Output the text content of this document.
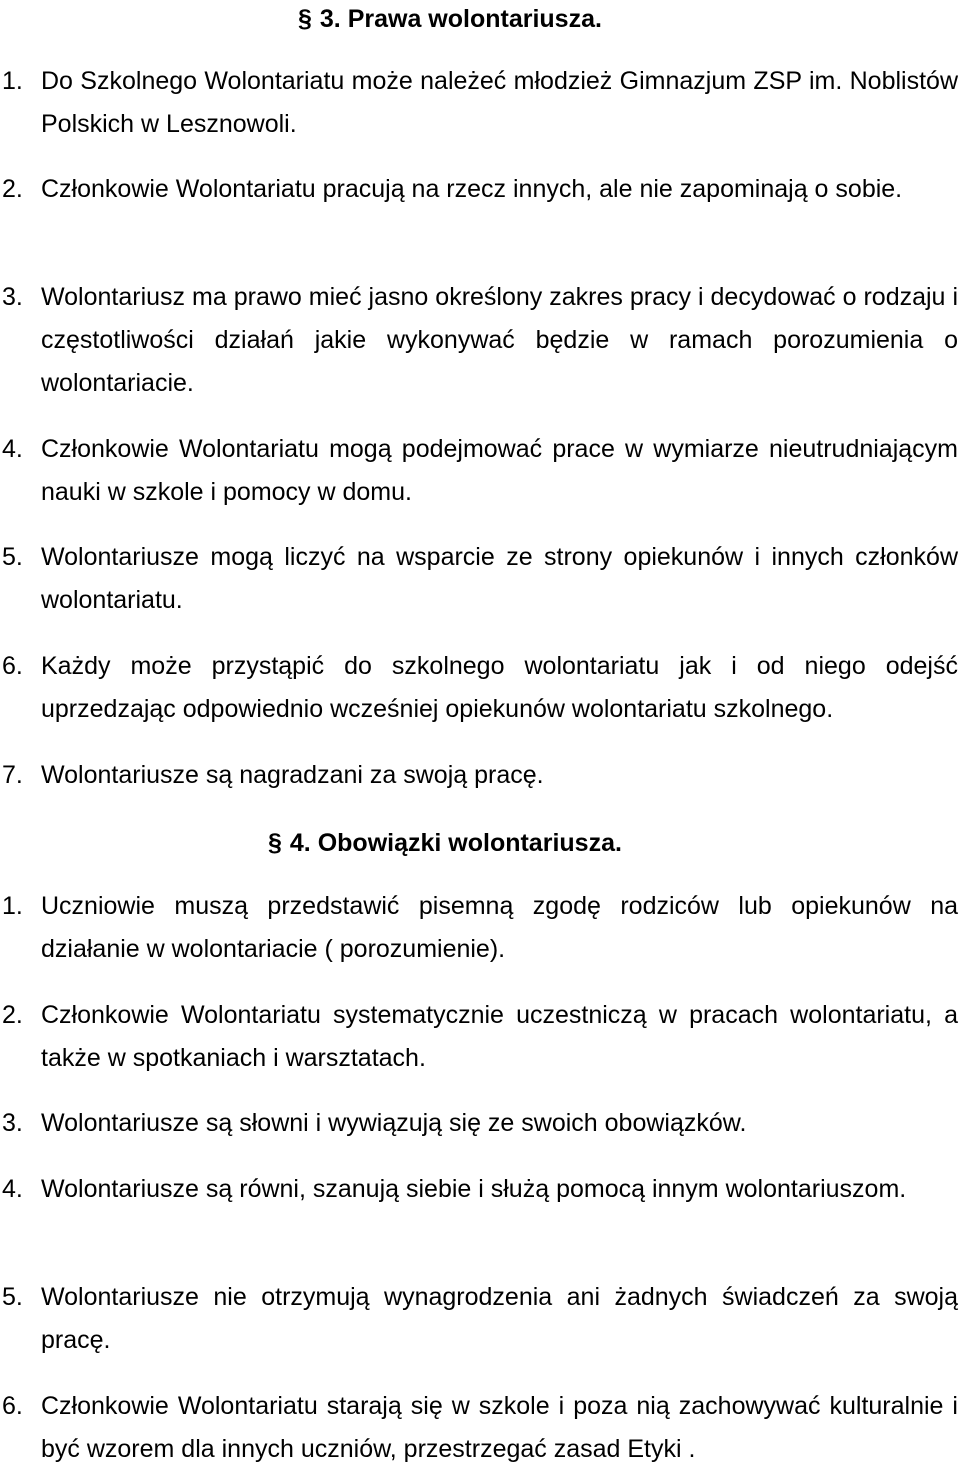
§ 3. Prawa wolontariusza.
1. Do Szkolnego Wolontariatu może należeć młodzież Gimnazjum ZSP im. Noblistów Polskich w Lesznowoli.
2. Członkowie Wolontariatu pracują na rzecz innych, ale nie zapominają o sobie.
3. Wolontariusz ma prawo mieć jasno określony zakres pracy i decydować o rodzaju i częstotliwości działań jakie wykonywać będzie w ramach porozumienia o wolontariacie.
4. Członkowie Wolontariatu mogą podejmować prace w wymiarze nieutrudniającym nauki w szkole i pomocy w domu.
5. Wolontariusze mogą liczyć na wsparcie ze strony opiekunów i innych członków wolontariatu.
6. Każdy może przystąpić do szkolnego wolontariatu jak i od niego odejść uprzedzając odpowiednio wcześniej opiekunów wolontariatu szkolnego.
7. Wolontariusze są nagradzani za swoją pracę.
§ 4. Obowiązki wolontariusza.
1. Uczniowie muszą przedstawić pisemną zgodę rodziców lub opiekunów na działanie w wolontariacie ( porozumienie).
2. Członkowie Wolontariatu systematycznie uczestniczą w pracach wolontariatu, a także w spotkaniach i warsztatach.
3. Wolontariusze są słowni i wywiązują się ze swoich obowiązków.
4. Wolontariusze są równi, szanują siebie i służą pomocą innym wolontariuszom.
5. Wolontariusze nie otrzymują wynagrodzenia ani żadnych świadczeń za swoją pracę.
6. Członkowie Wolontariatu starają się w szkole i poza nią zachowywać kulturalnie i być wzorem dla innych uczniów, przestrzegać zasad Etyki .
